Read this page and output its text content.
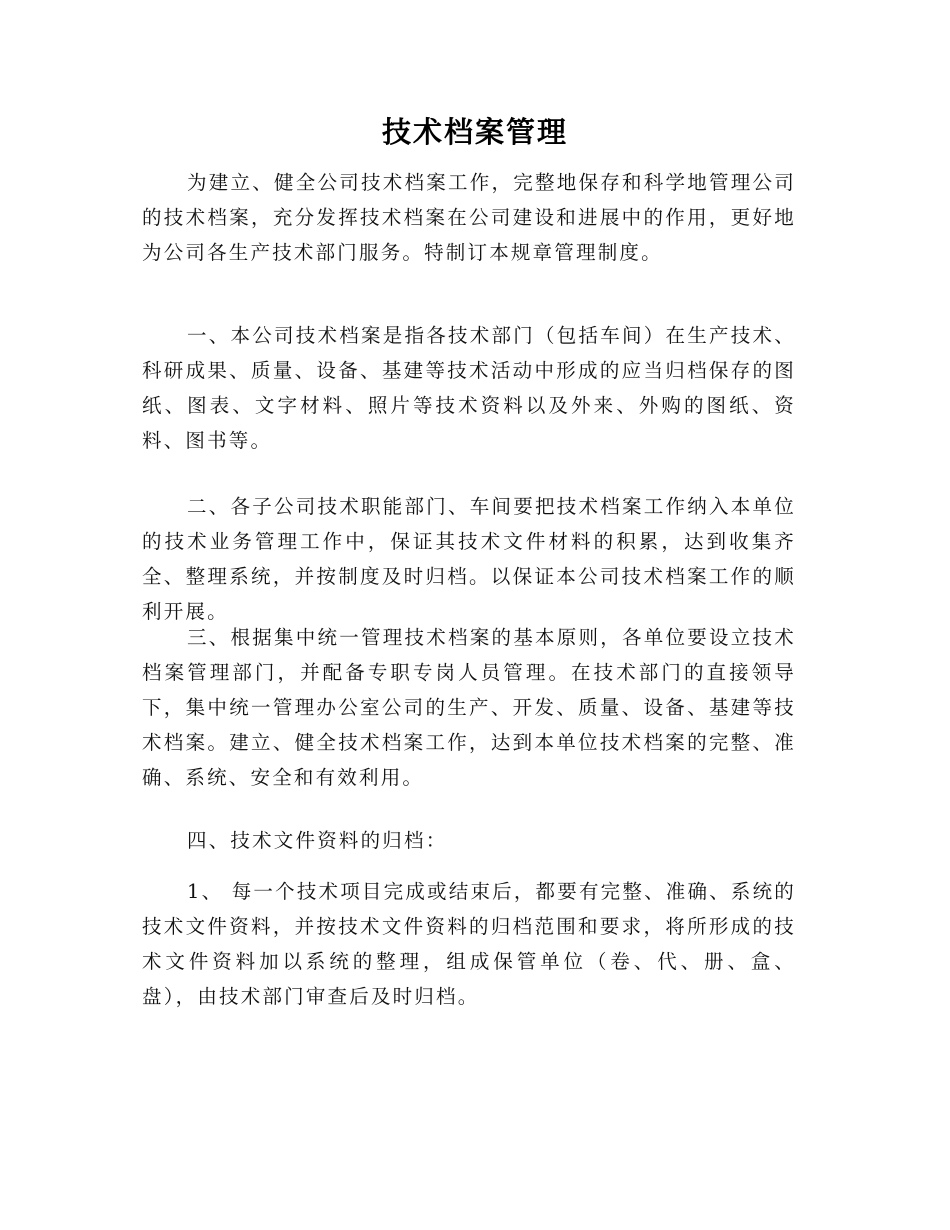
技术档案管理

为建立、健全公司技术档案工作，完整地保存和科学地管理公司的技术档案，充分发挥技术档案在公司建设和进展中的作用，更好地为公司各生产技术部门服务。特制订本规章管理制度。

一、本公司技术档案是指各技术部门（包括车间）在生产技术、科研成果、质量、设备、基建等技术活动中形成的应当归档保存的图纸、图表、文字材料、照片等技术资料以及外来、外购的图纸、资料、图书等。

二、各子公司技术职能部门、车间要把技术档案工作纳入本单位的技术业务管理工作中，保证其技术文件材料的积累，达到收集齐全、整理系统，并按制度及时归档。以保证本公司技术档案工作的顺利开展。

三、根据集中统一管理技术档案的基本原则，各单位要设立技术档案管理部门，并配备专职专岗人员管理。在技术部门的直接领导下，集中统一管理办公室公司的生产、开发、质量、设备、基建等技术档案。建立、健全技术档案工作，达到本单位技术档案的完整、准确、系统、安全和有效利用。

四、技术文件资料的归档：

1、 每一个技术项目完成或结束后，都要有完整、准确、系统的技术文件资料，并按技术文件资料的归档范围和要求，将所形成的技术文件资料加以系统的整理，组成保管单位（卷、代、册、盒、盘），由技术部门审查后及时归档。
